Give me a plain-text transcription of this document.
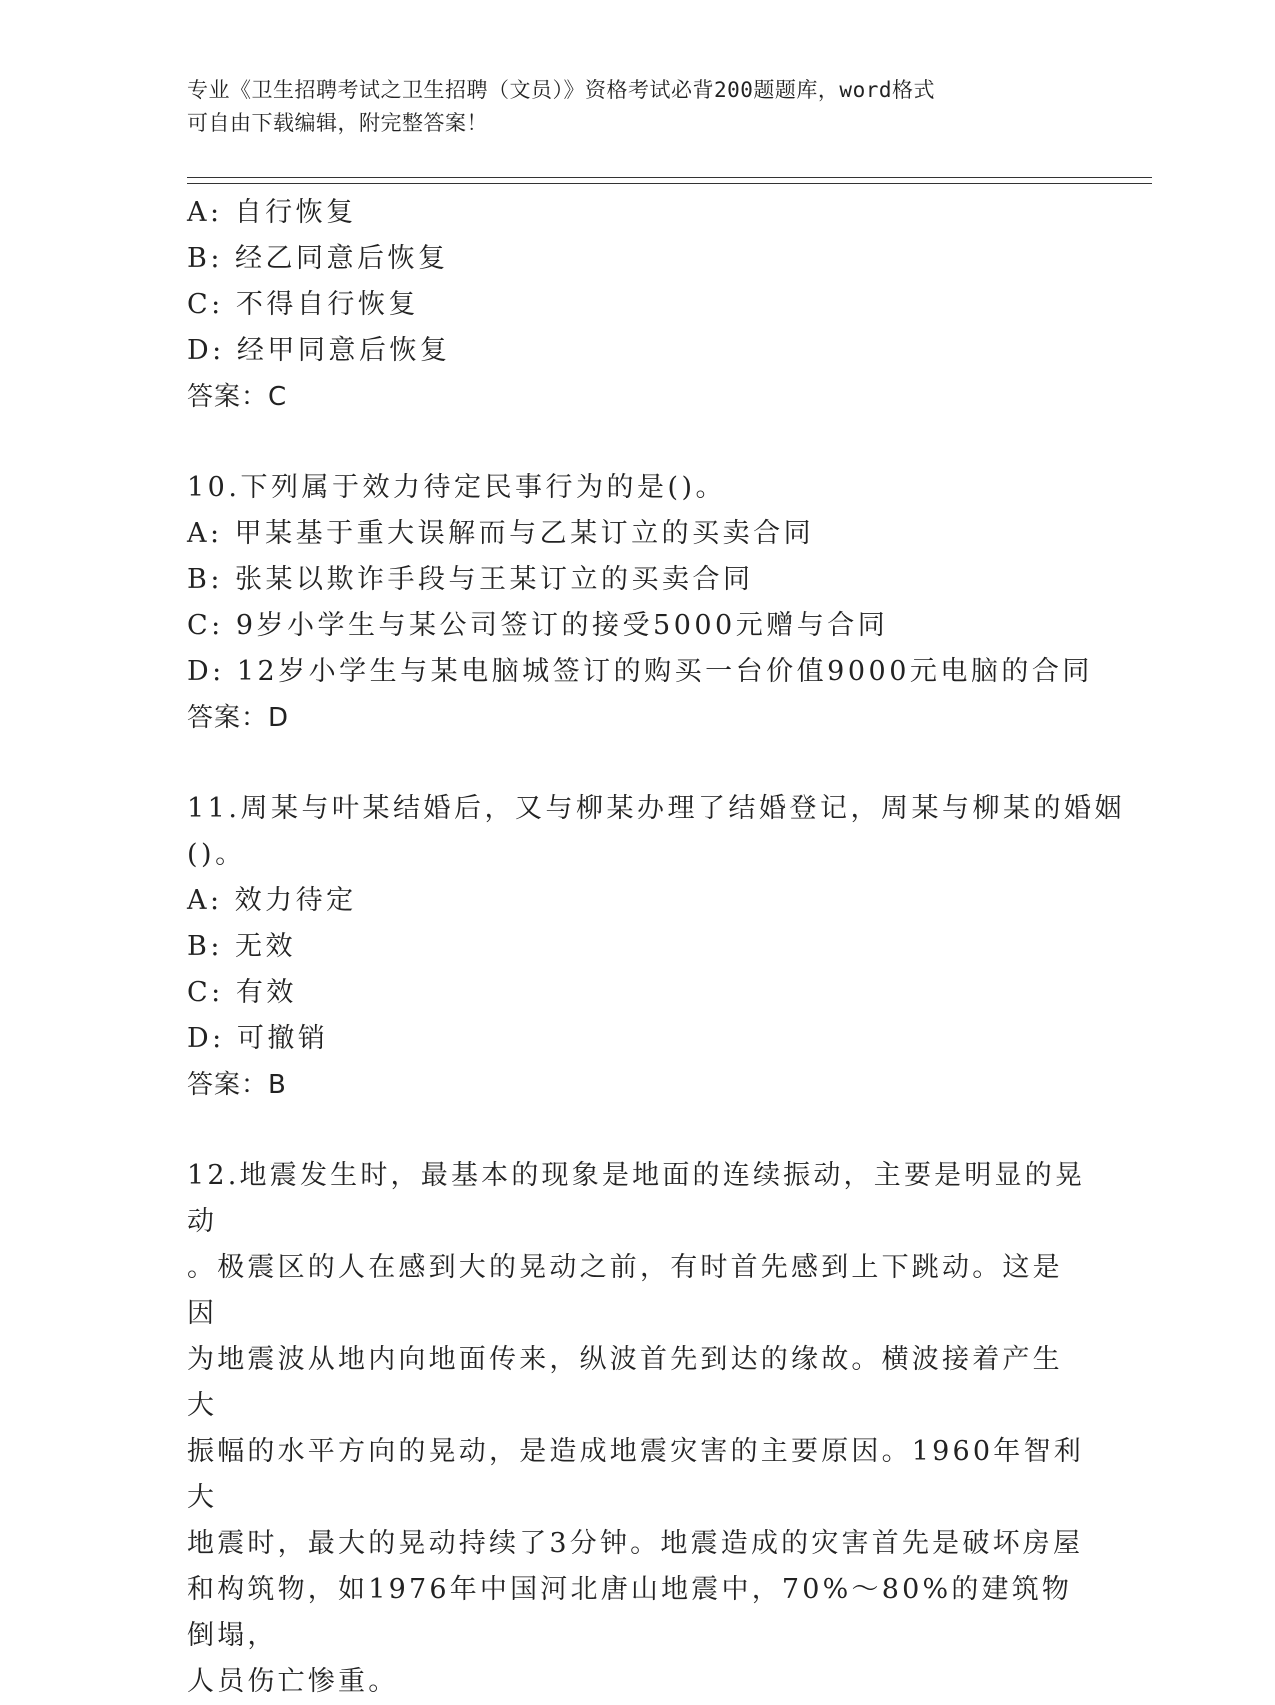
专业《卫生招聘考试之卫生招聘（文员）》资格考试必背200题题库，word格式
可自由下载编辑，附完整答案！

A: 自行恢复

B: 经乙同意后恢复

C: 不得自行恢复

D: 经甲同意后恢复

答案：C

10.下列属于效力待定民事行为的是()。

A: 甲某基于重大误解而与乙某订立的买卖合同

B: 张某以欺诈手段与王某订立的买卖合同

C: 9岁小学生与某公司签订的接受5000元赠与合同

D: 12岁小学生与某电脑城签订的购买一台价值9000元电脑的合同

答案：D

11.周某与叶某结婚后，又与柳某办理了结婚登记，周某与柳某的婚姻

()。

A: 效力待定

B: 无效

C: 有效

D: 可撤销

答案：B

12.地震发生时，最基本的现象是地面的连续振动，主要是明显的晃动

。极震区的人在感到大的晃动之前，有时首先感到上下跳动。这是因

为地震波从地内向地面传来，纵波首先到达的缘故。横波接着产生大

振幅的水平方向的晃动，是造成地震灾害的主要原因。1960年智利大

地震时，最大的晃动持续了3分钟。地震造成的灾害首先是破坏房屋

和构筑物，如1976年中国河北唐山地震中，70%～80%的建筑物倒塌，

人员伤亡惨重。
